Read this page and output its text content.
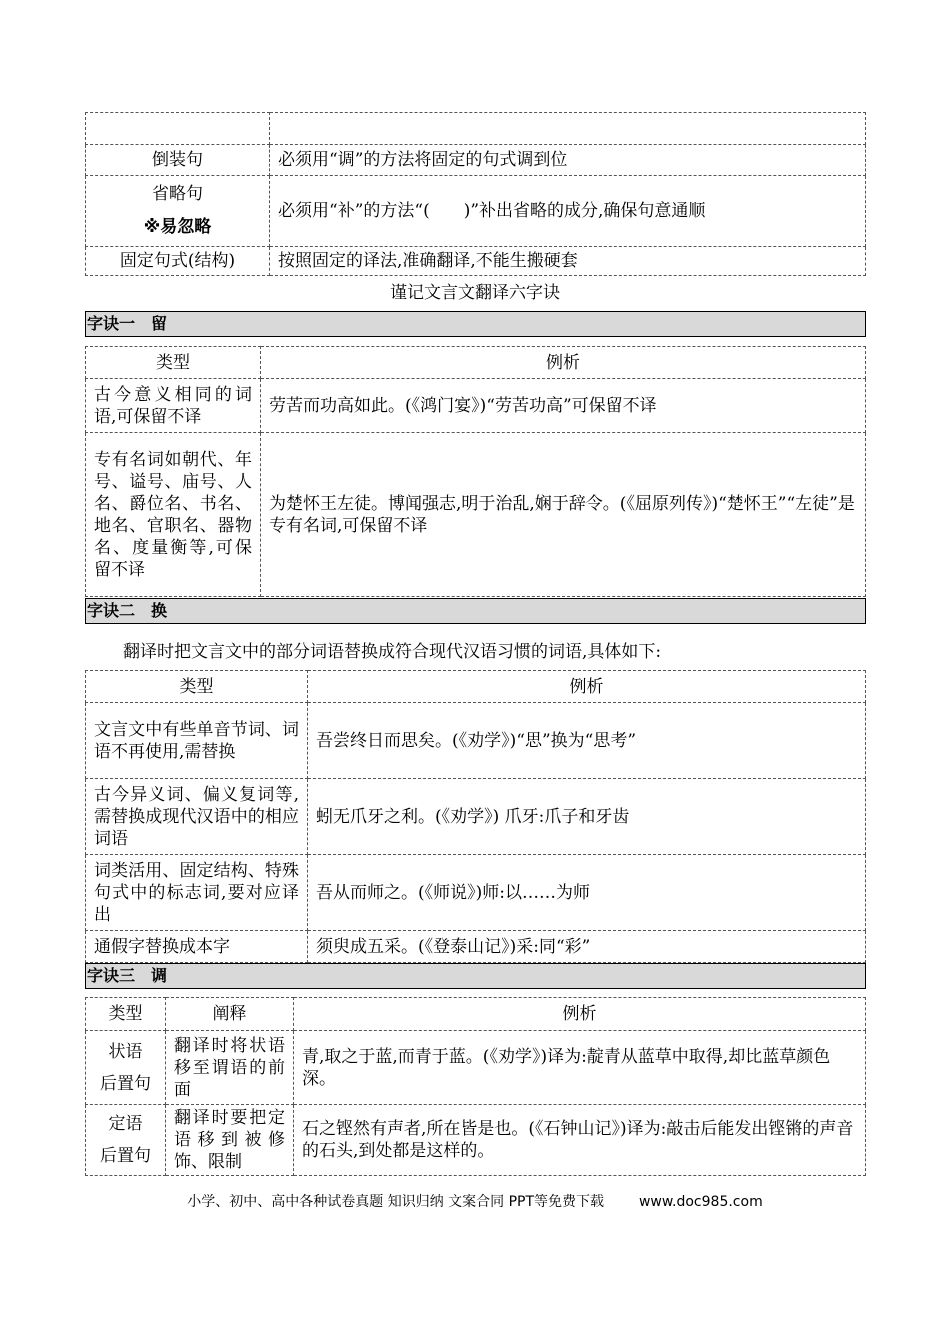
倒装句	必须用“调”的方法将固定的句式调到位

省略句
※易忽略	必须用“补”的方法“(　　)”补出省略的成分,确保句意通顺
固定句式(结构)	按照固定的译法,准确翻译,不能生搬硬套
谨记文言文翻译六字诀
字诀一　留
类型	例析
古今意义相同的词语,可保留不译	劳苦而功高如此。(《鸿门宴》)“劳苦功高”可保留不译
专有名词如朝代、年号、谥号、庙号、人名、爵位名、书名、地名、官职名、器物名、度量衡等,可保留不译	为楚怀王左徒。博闻强志,明于治乱,娴于辞令。(《屈原列传》)“楚怀王”“左徒”是专有名词,可保留不译
字诀二　换
翻译时把文言文中的部分词语替换成符合现代汉语习惯的词语,具体如下:
类型	例析
文言文中有些单音节词、词语不再使用,需替换	吾尝终日而思矣。(《劝学》)“思”换为“思考”
古今异义词、偏义复词等,需替换成现代汉语中的相应词语	蚓无爪牙之利。(《劝学》) 爪牙:爪子和牙齿
词类活用、固定结构、特殊句式中的标志词,要对应译出	吾从而师之。(《师说》)师:以……为师
通假字替换成本字	须臾成五采。(《登泰山记》)采:同“彩”
字诀三　调
类型	阐释	例析

状语
后置句	翻译时将状语移至谓语的前面	青,取之于蓝,而青于蓝。(《劝学》)译为:靛青从蓝草中取得,却比蓝草颜色深。

定语
后置句	翻译时要把定语移到被修饰、限制	石之铿然有声者,所在皆是也。(《石钟山记》)译为:敲击后能发出铿锵的声音的石头,到处都是这样的。
小学、初中、高中各种试卷真题 知识归纳 文案合同 PPT等免费下载 www.doc985.com
